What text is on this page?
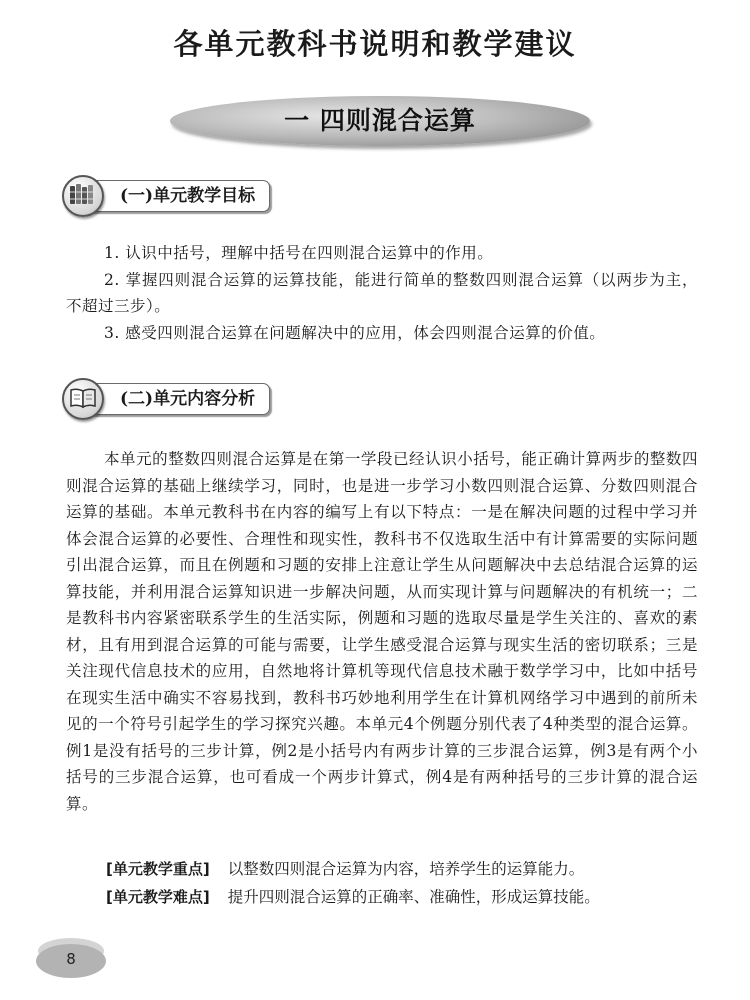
各单元教科书说明和教学建议
一 四则混合运算
(一)单元教学目标

1. 认识中括号，理解中括号在四则混合运算中的作用。

2. 掌握四则混合运算的运算技能，能进行简单的整数四则混合运算（以两步为主，不超过三步）。

3. 感受四则混合运算在问题解决中的应用，体会四则混合运算的价值。

(二)单元内容分析

本单元的整数四则混合运算是在第一学段已经认识小括号，能正确计算两步的整数四则混合运算的基础上继续学习，同时，也是进一步学习小数四则混合运算、分数四则混合运算的基础。本单元教科书在内容的编写上有以下特点：一是在解决问题的过程中学习并体会混合运算的必要性、合理性和现实性，教科书不仅选取生活中有计算需要的实际问题引出混合运算，而且在例题和习题的安排上注意让学生从问题解决中去总结混合运算的运算技能，并利用混合运算知识进一步解决问题，从而实现计算与问题解决的有机统一；二是教科书内容紧密联系学生的生活实际，例题和习题的选取尽量是学生关注的、喜欢的素材，且有用到混合运算的可能与需要，让学生感受混合运算与现实生活的密切联系；三是关注现代信息技术的应用，自然地将计算机等现代信息技术融于数学学习中，比如中括号在现实生活中确实不容易找到，教科书巧妙地利用学生在计算机网络学习中遇到的前所未见的一个符号引起学生的学习探究兴趣。本单元4个例题分别代表了4种类型的混合运算。例1是没有括号的三步计算，例2是小括号内有两步计算的三步混合运算，例3是有两个小括号的三步混合运算，也可看成一个两步计算式，例4是有两种括号的三步计算的混合运算。

[单元教学重点] 以整数四则混合运算为内容，培养学生的运算能力。
[单元教学难点] 提升四则混合运算的正确率、准确性，形成运算技能。
8
